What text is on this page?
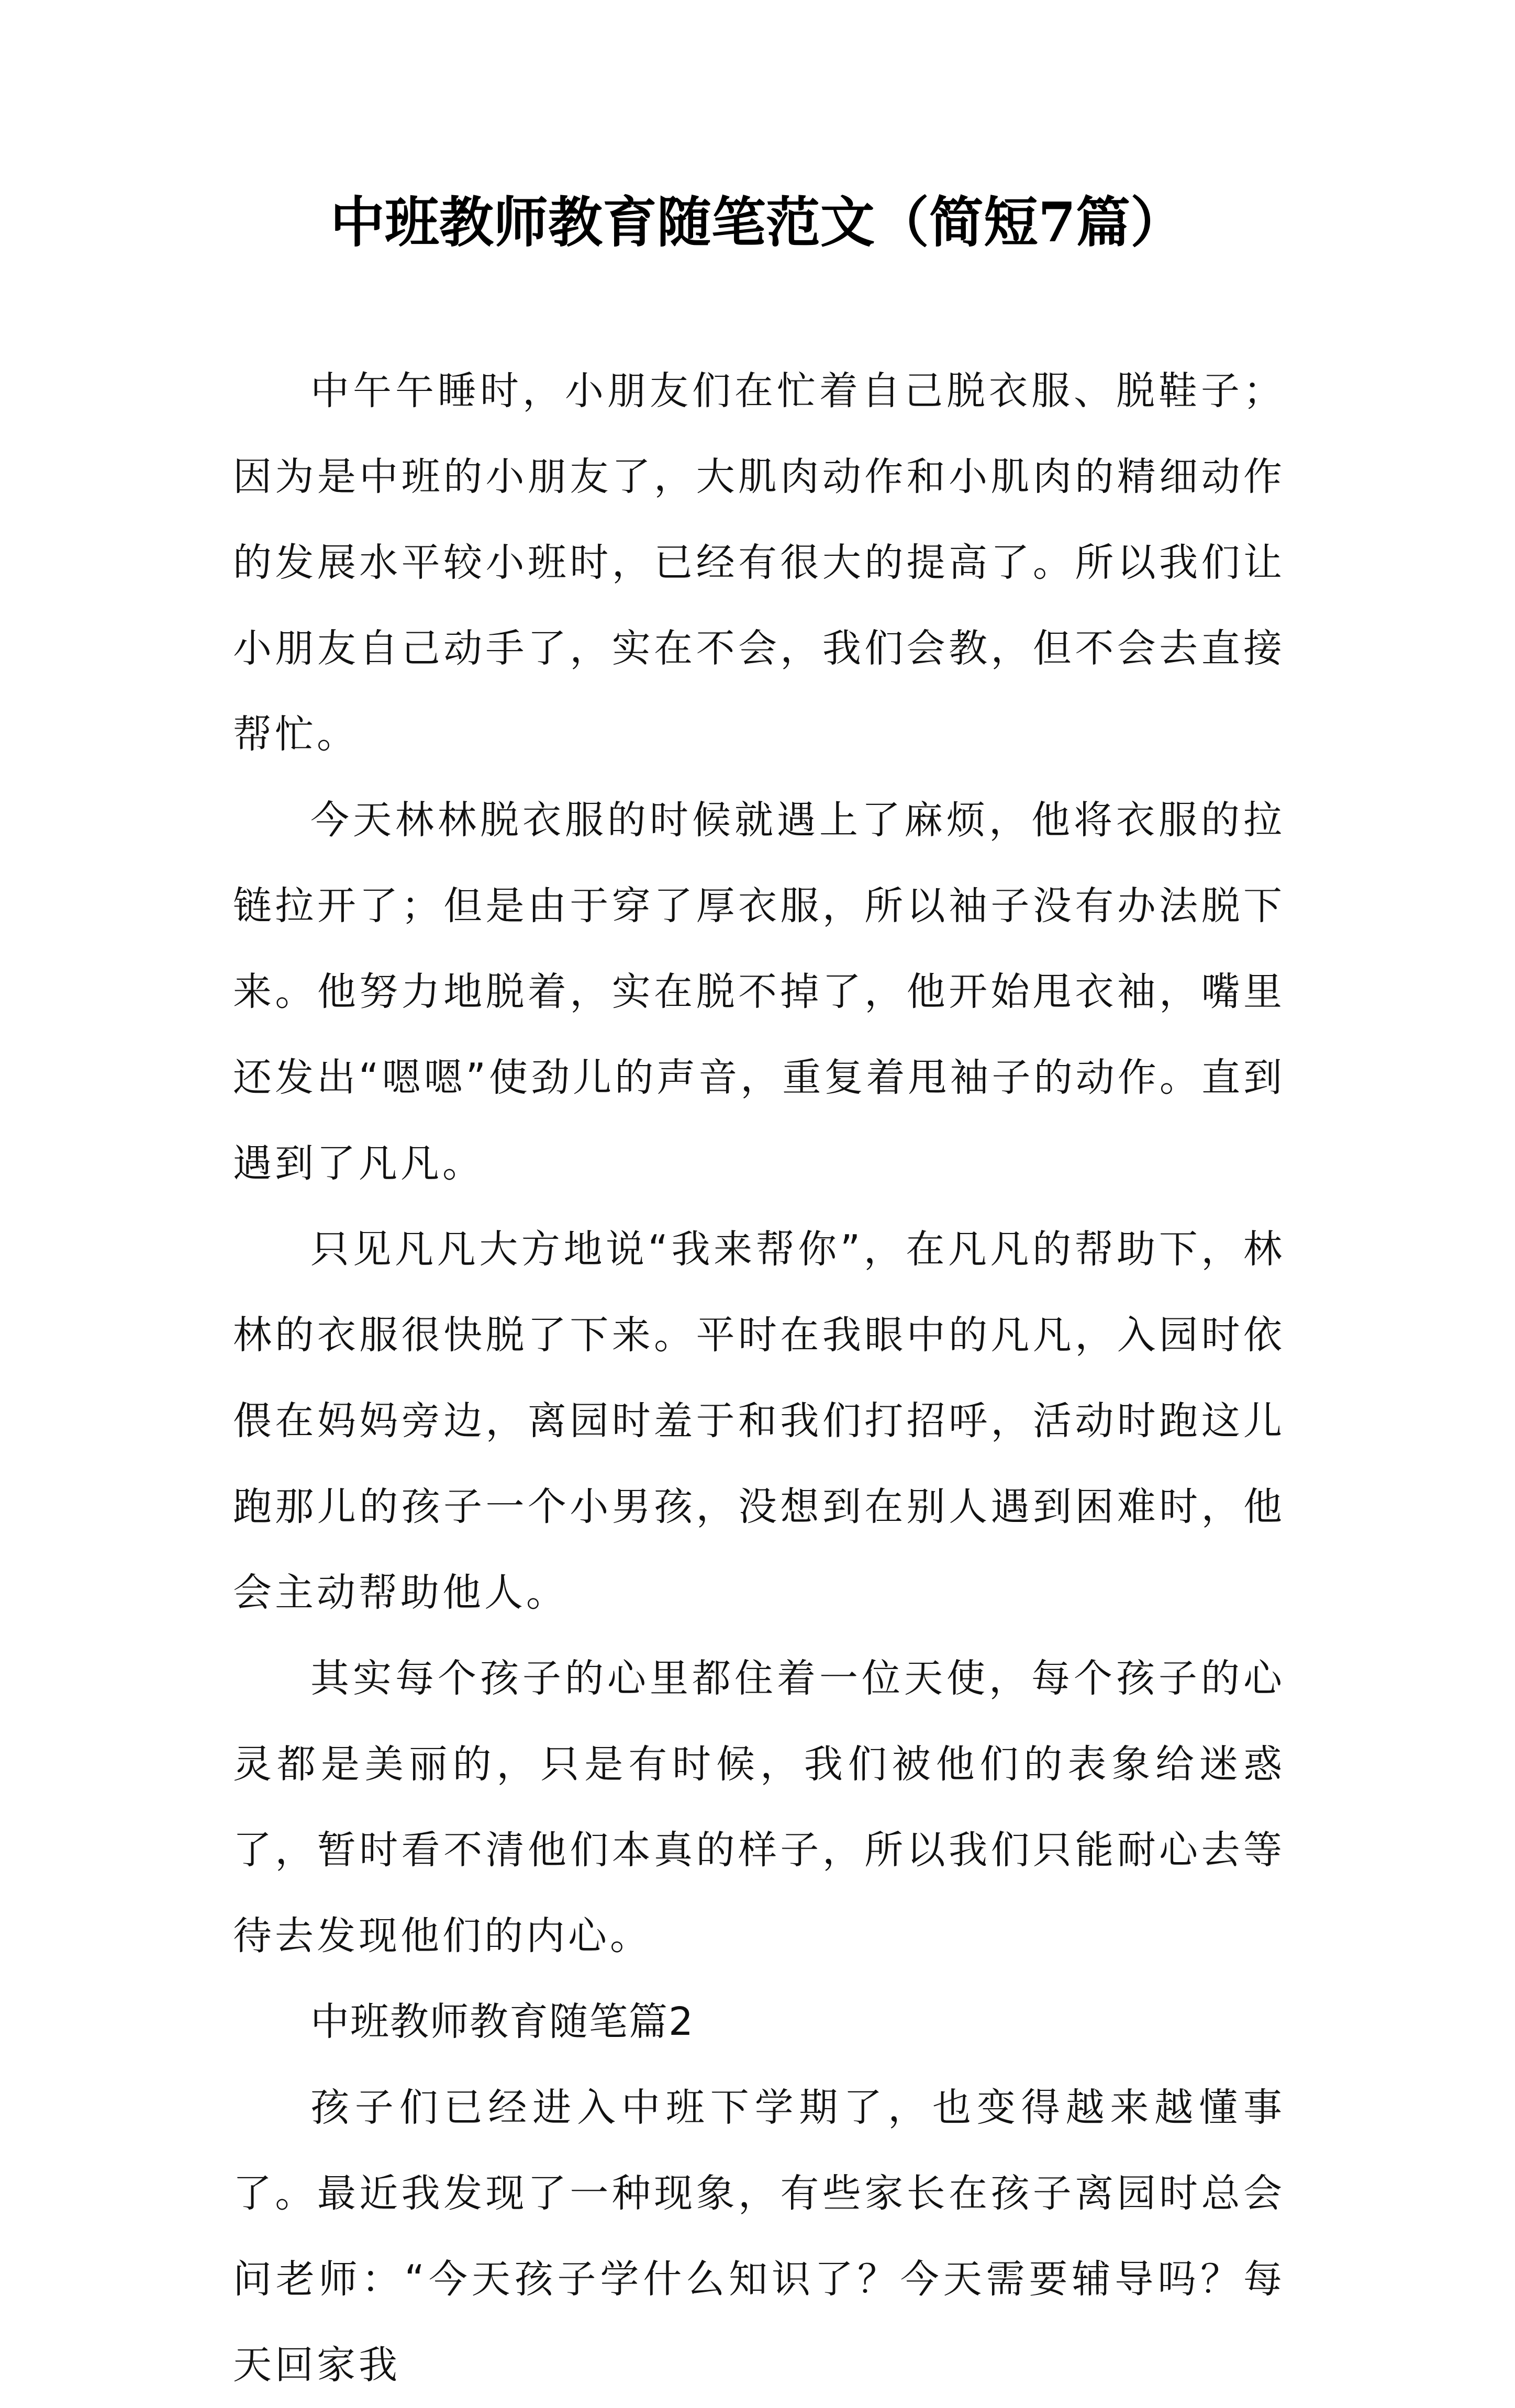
中班教师教育随笔范文（简短7篇）

中午午睡时，小朋友们在忙着自己脱衣服、脱鞋子；因为是中班的小朋友了，大肌肉动作和小肌肉的精细动作的发展水平较小班时，已经有很大的提高了。所以我们让小朋友自己动手了，实在不会，我们会教，但不会去直接帮忙。

今天林林脱衣服的时候就遇上了麻烦，他将衣服的拉链拉开了；但是由于穿了厚衣服，所以袖子没有办法脱下来。他努力地脱着，实在脱不掉了，他开始甩衣袖，嘴里还发出“嗯嗯”使劲儿的声音，重复着甩袖子的动作。直到遇到了凡凡。

只见凡凡大方地说“我来帮你”，在凡凡的帮助下，林林的衣服很快脱了下来。平时在我眼中的凡凡，入园时依偎在妈妈旁边，离园时羞于和我们打招呼，活动时跑这儿跑那儿的孩子一个小男孩，没想到在别人遇到困难时，他会主动帮助他人。

其实每个孩子的心里都住着一位天使，每个孩子的心灵都是美丽的，只是有时候，我们被他们的表象给迷惑了，暂时看不清他们本真的样子，所以我们只能耐心去等待去发现他们的内心。

中班教师教育随笔篇2

孩子们已经进入中班下学期了，也变得越来越懂事了。最近我发现了一种现象，有些家长在孩子离园时总会问老师：“今天孩子学什么知识了？今天需要辅导吗？每天回家我
